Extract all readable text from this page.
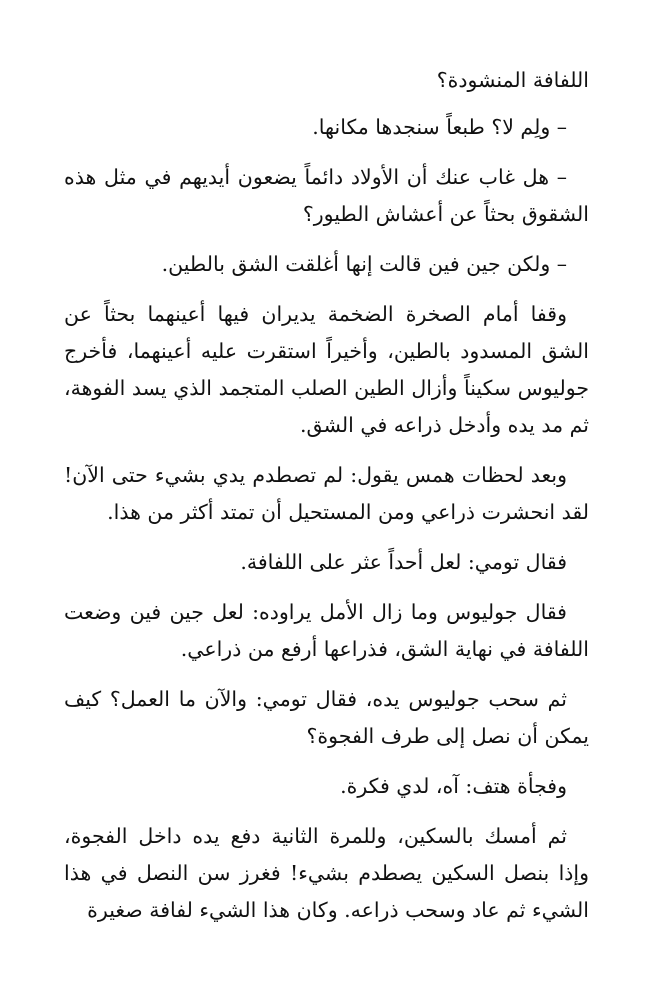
اللفافة المنشودة؟

– ولِم لا؟ طبعاً سنجدها مكانها.

– هل غاب عنك أن الأولاد دائماً يضعون أيديهم في مثل هذه الشقوق بحثاً عن أعشاش الطيور؟

– ولكن جين فين قالت إنها أغلقت الشق بالطين.

وقفا أمام الصخرة الضخمة يديران فيها أعينهما بحثاً عن الشق المسدود بالطين، وأخيراً استقرت عليه أعينهما، فأخرج جوليوس سكيناً وأزال الطين الصلب المتجمد الذي يسد الفوهة، ثم مد يده وأدخل ذراعه في الشق.

وبعد لحظات همس يقول: لم تصطدم يدي بشيء حتى الآن! لقد انحشرت ذراعي ومن المستحيل أن تمتد أكثر من هذا.

فقال تومي: لعل أحداً عثر على اللفافة.

فقال جوليوس وما زال الأمل يراوده: لعل جين فين وضعت اللفافة في نهاية الشق، فذراعها أرفع من ذراعي.

ثم سحب جوليوس يده، فقال تومي: والآن ما العمل؟ كيف يمكن أن نصل إلى طرف الفجوة؟

وفجأة هتف: آه، لدي فكرة.

ثم أمسك بالسكين، وللمرة الثانية دفع يده داخل الفجوة، وإذا بنصل السكين يصطدم بشيء! فغرز سن النصل في هذا الشيء ثم عاد وسحب ذراعه. وكان هذا الشيء لفافة صغيرة
